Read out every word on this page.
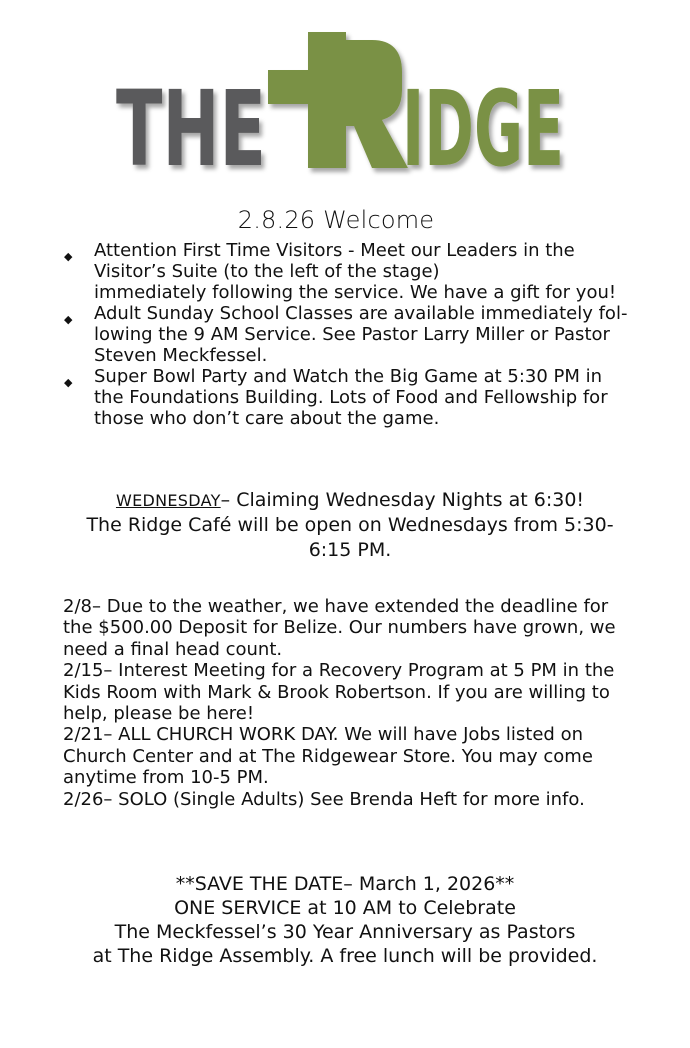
THE IDGE
2.8.26 Welcome
◆ Attention First Time Visitors - Meet our Leaders in the
Visitor’s Suite (to the left of the stage)
immediately following the service. We have a gift for you!
◆ Adult Sunday School Classes are available immediately fol-
lowing the 9 AM Service. See Pastor Larry Miller or Pastor
Steven Meckfessel.
◆ Super Bowl Party and Watch the Big Game at 5:30 PM in
the Foundations Building. Lots of Food and Fellowship for
those who don’t care about the game.
WEDNESDAY– Claiming Wednesday Nights at 6:30!
The Ridge Café will be open on Wednesdays from 5:30-
6:15 PM.
2/8– Due to the weather, we have extended the deadline for
the $500.00 Deposit for Belize. Our numbers have grown, we
need a final head count.
2/15– Interest Meeting for a Recovery Program at 5 PM in the
Kids Room with Mark & Brook Robertson. If you are willing to
help, please be here!
2/21– ALL CHURCH WORK DAY. We will have Jobs listed on
Church Center and at The Ridgewear Store. You may come
anytime from 10-5 PM.
2/26– SOLO (Single Adults) See Brenda Heft for more info.
**SAVE THE DATE– March 1, 2026**
ONE SERVICE at 10 AM to Celebrate
The Meckfessel’s 30 Year Anniversary as Pastors
at The Ridge Assembly. A free lunch will be provided.
